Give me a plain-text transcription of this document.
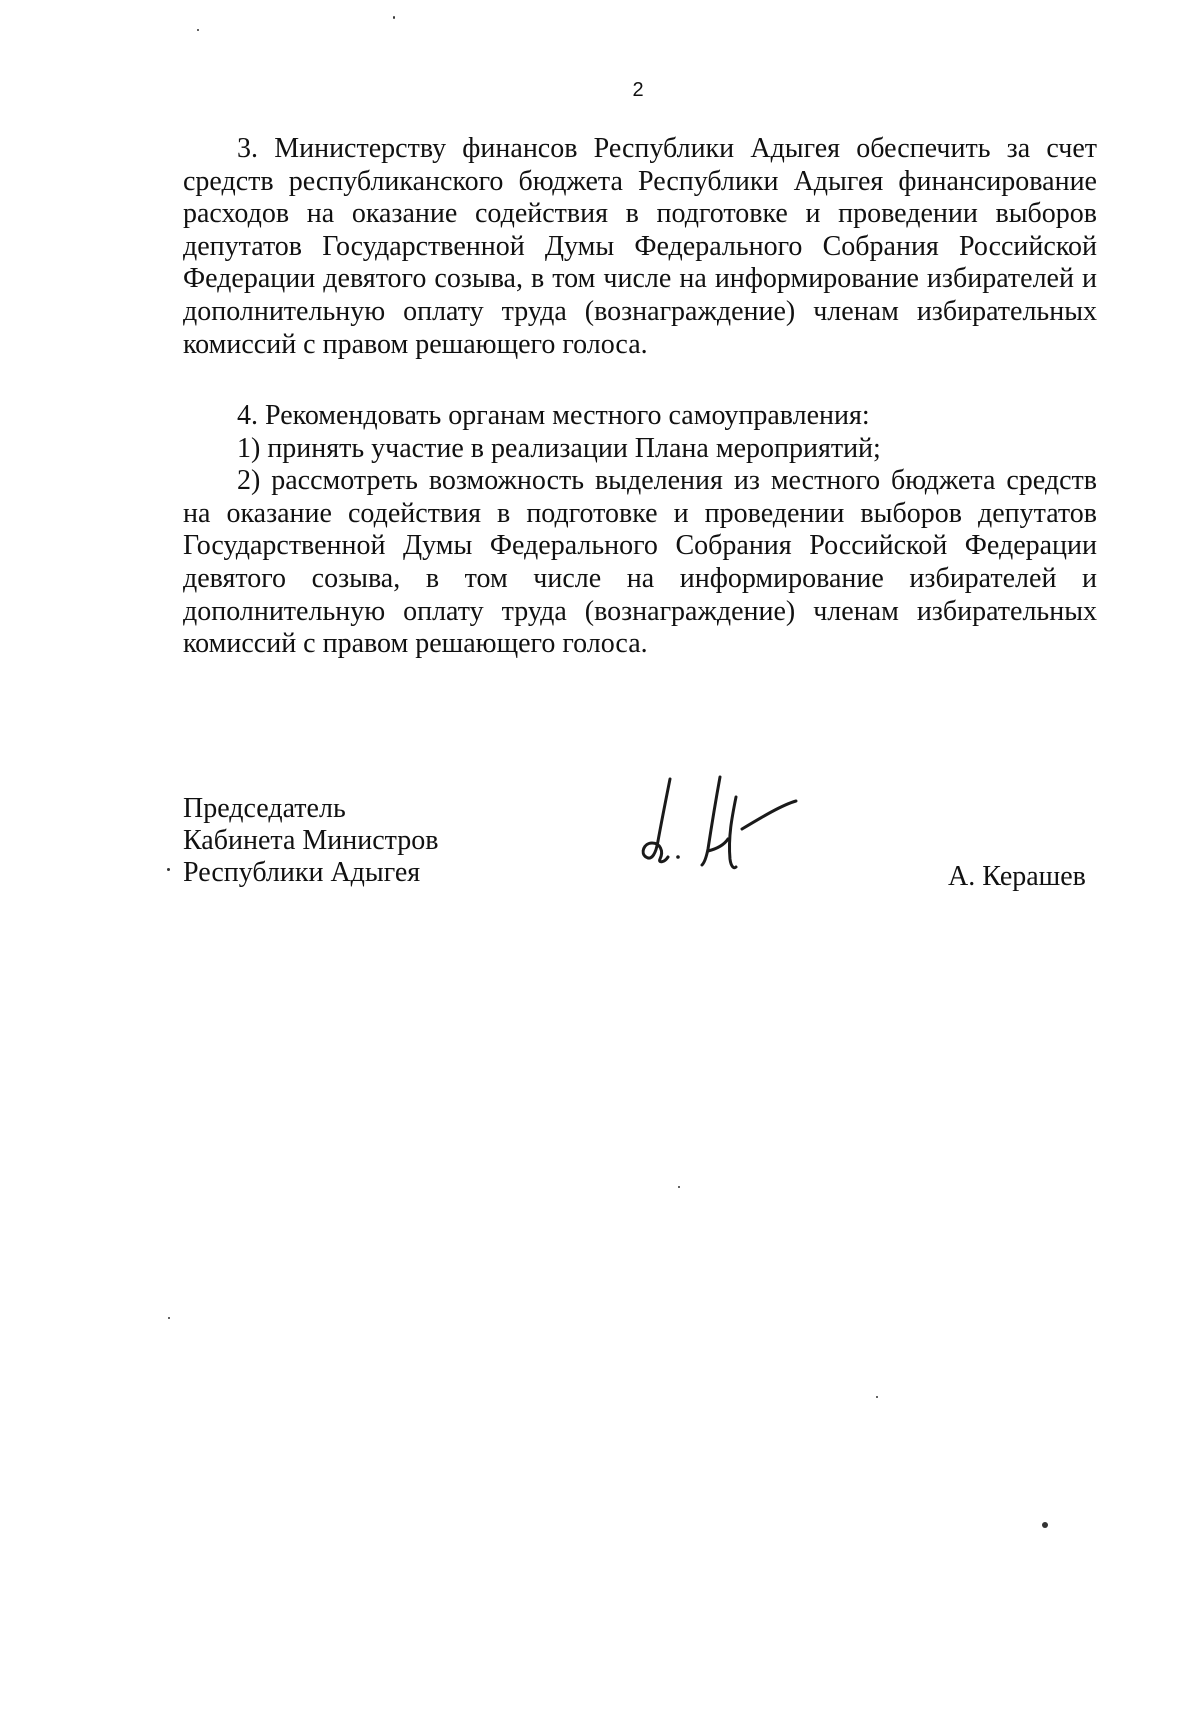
2

3. Министерству финансов Республики Адыгея обеспечить за счет средств республиканского бюджета Республики Адыгея финансирование расходов на оказание содействия в подготовке и проведении выборов депутатов Государственной Думы Федерального Собрания Российской Федерации девятого созыва, в том числе на информирование избирателей и дополнительную оплату труда (вознаграждение) членам избирательных комиссий с правом решающего голоса.

4. Рекомендовать органам местного самоуправления:

1) принять участие в реализации Плана мероприятий;

2) рассмотреть возможность выделения из местного бюджета средств на оказание содействия в подготовке и проведении выборов депутатов Государственной Думы Федерального Собрания Российской Федерации девятого созыва, в том числе на информирование избирателей и дополнительную оплату труда (вознаграждение) членам избирательных комиссий с правом решающего голоса.

Председатель
Кабинета Министров
Республики Адыгея	А. Керашев
